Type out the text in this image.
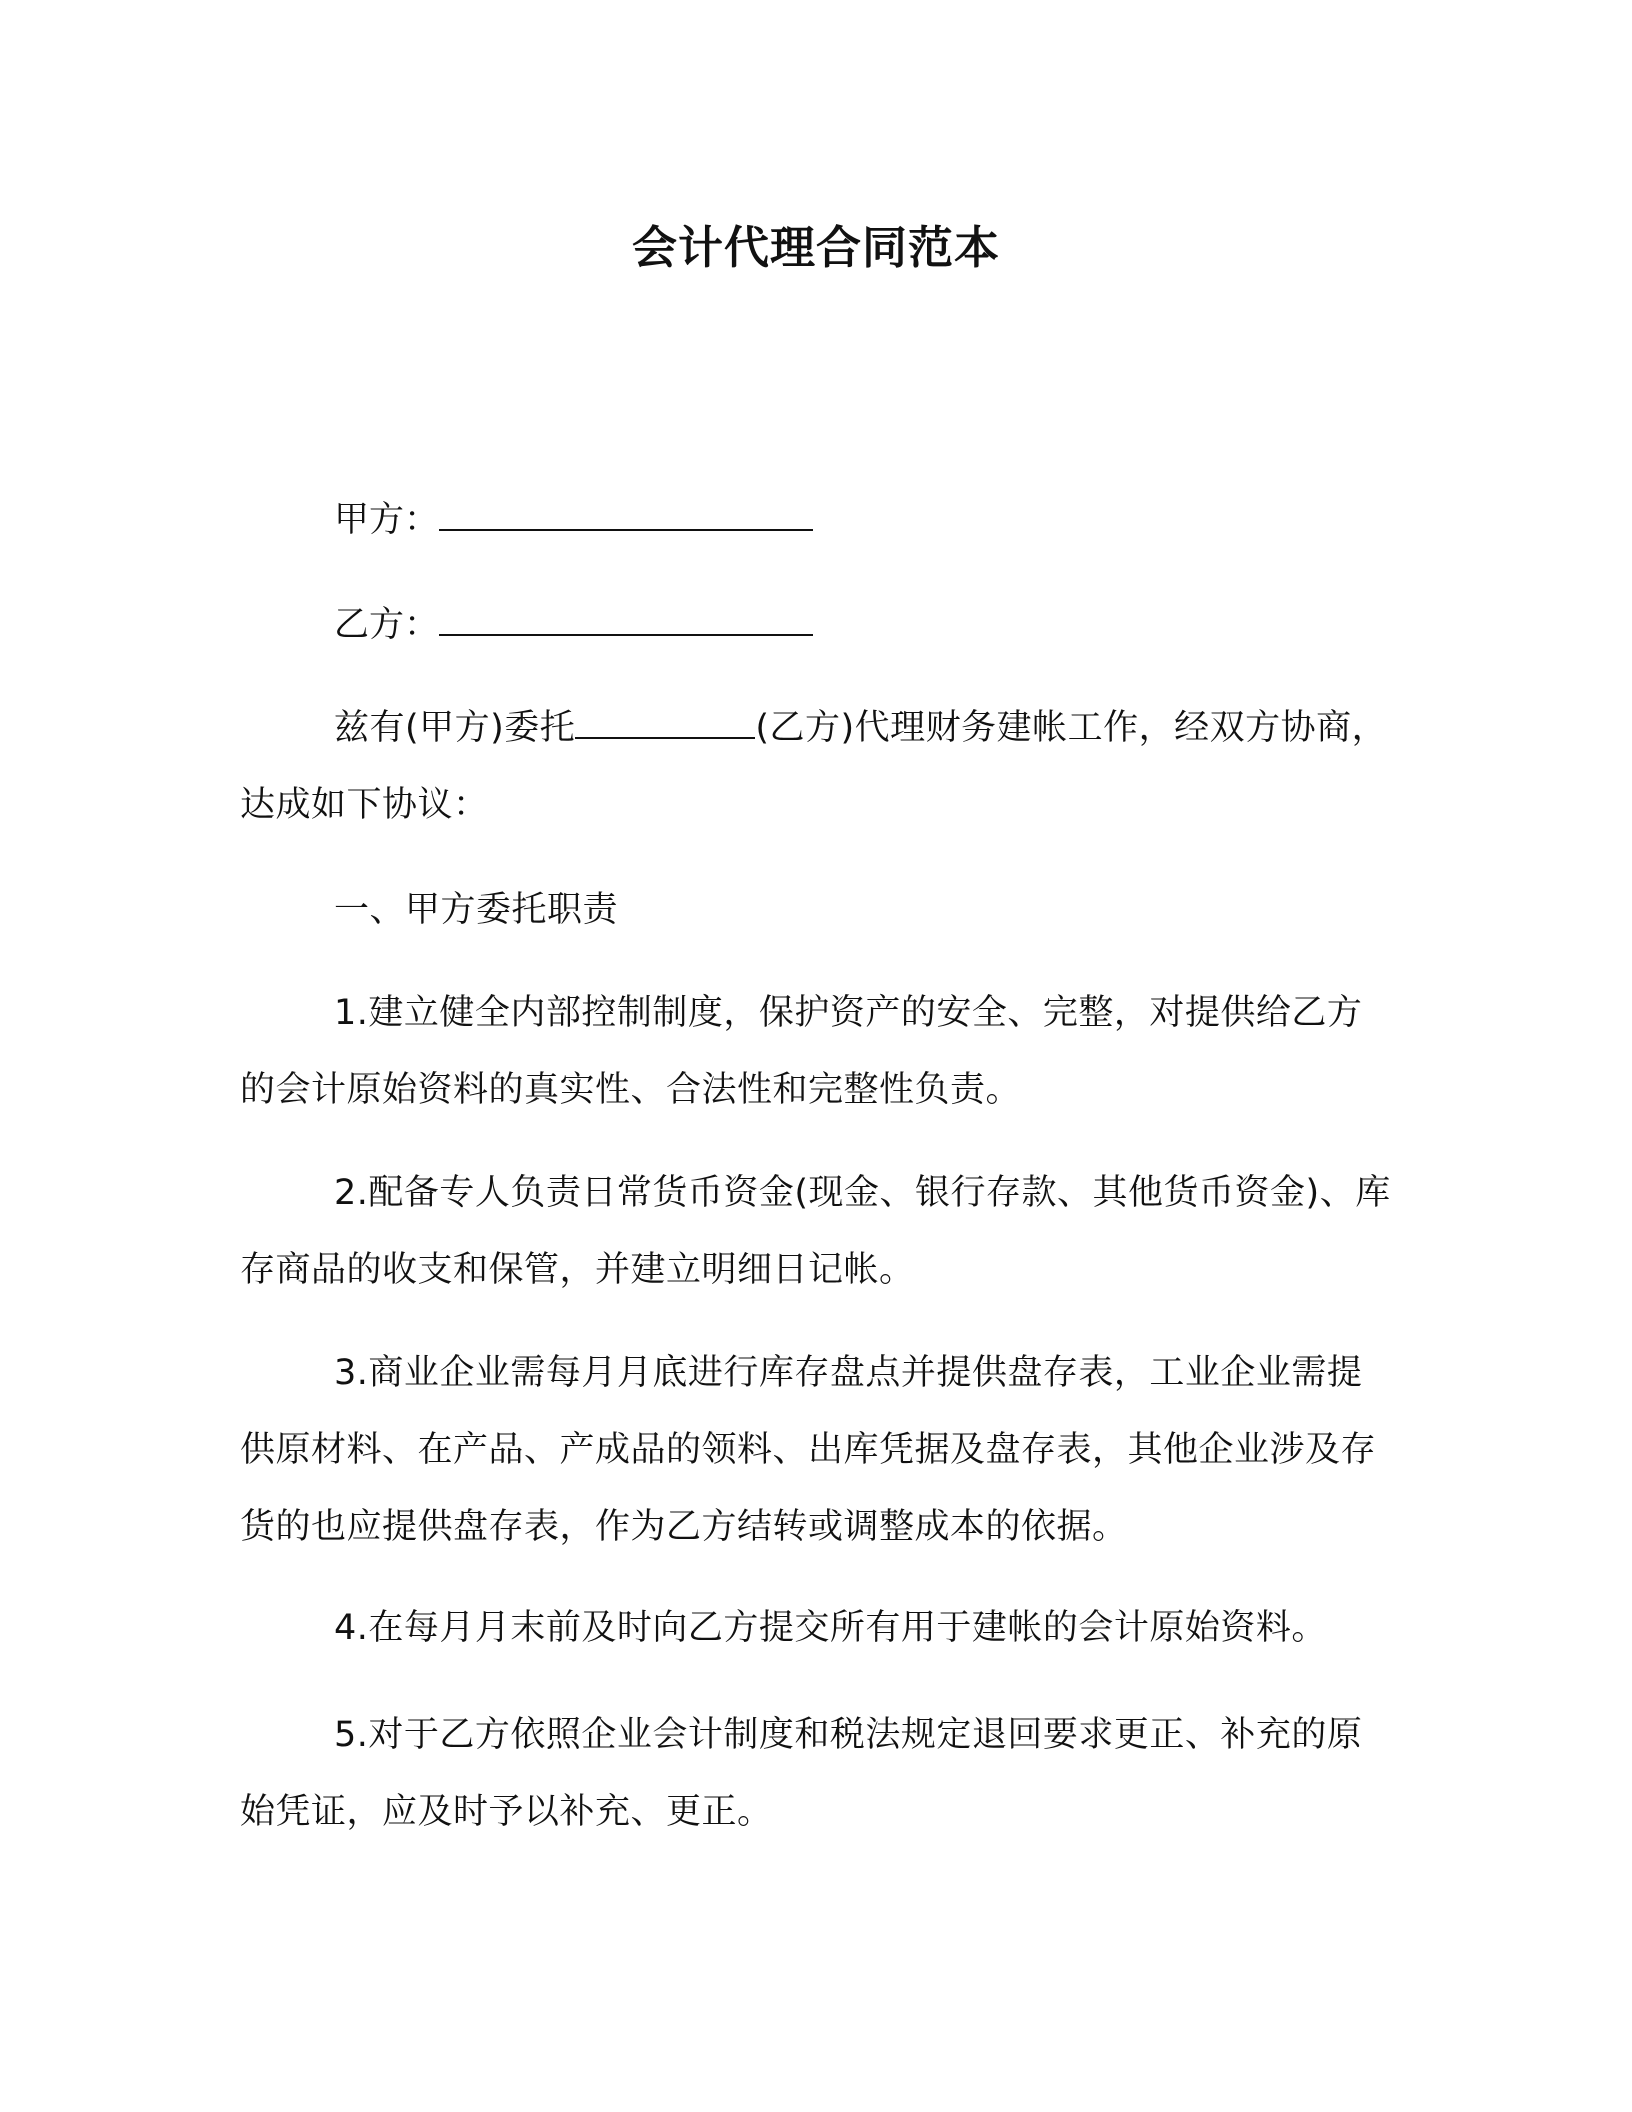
会计代理合同范本
甲方：
乙方：

兹有(甲方)委托	(乙方)代理财务建帐工作，经双方协商，达成如下协议：

一、甲方委托职责

1.建立健全内部控制制度，保护资产的安全、完整，对提供给乙方的会计原始资料的真实性、合法性和完整性负责。

2.配备专人负责日常货币资金(现金、银行存款、其他货币资金)、库存商品的收支和保管，并建立明细日记帐。

3.商业企业需每月月底进行库存盘点并提供盘存表，工业企业需提供原材料、在产品、产成品的领料、出库凭据及盘存表，其他企业涉及存货的也应提供盘存表，作为乙方结转或调整成本的依据。

4.在每月月末前及时向乙方提交所有用于建帐的会计原始资料。

5.对于乙方依照企业会计制度和税法规定退回要求更正、补充的原始凭证，应及时予以补充、更正。
